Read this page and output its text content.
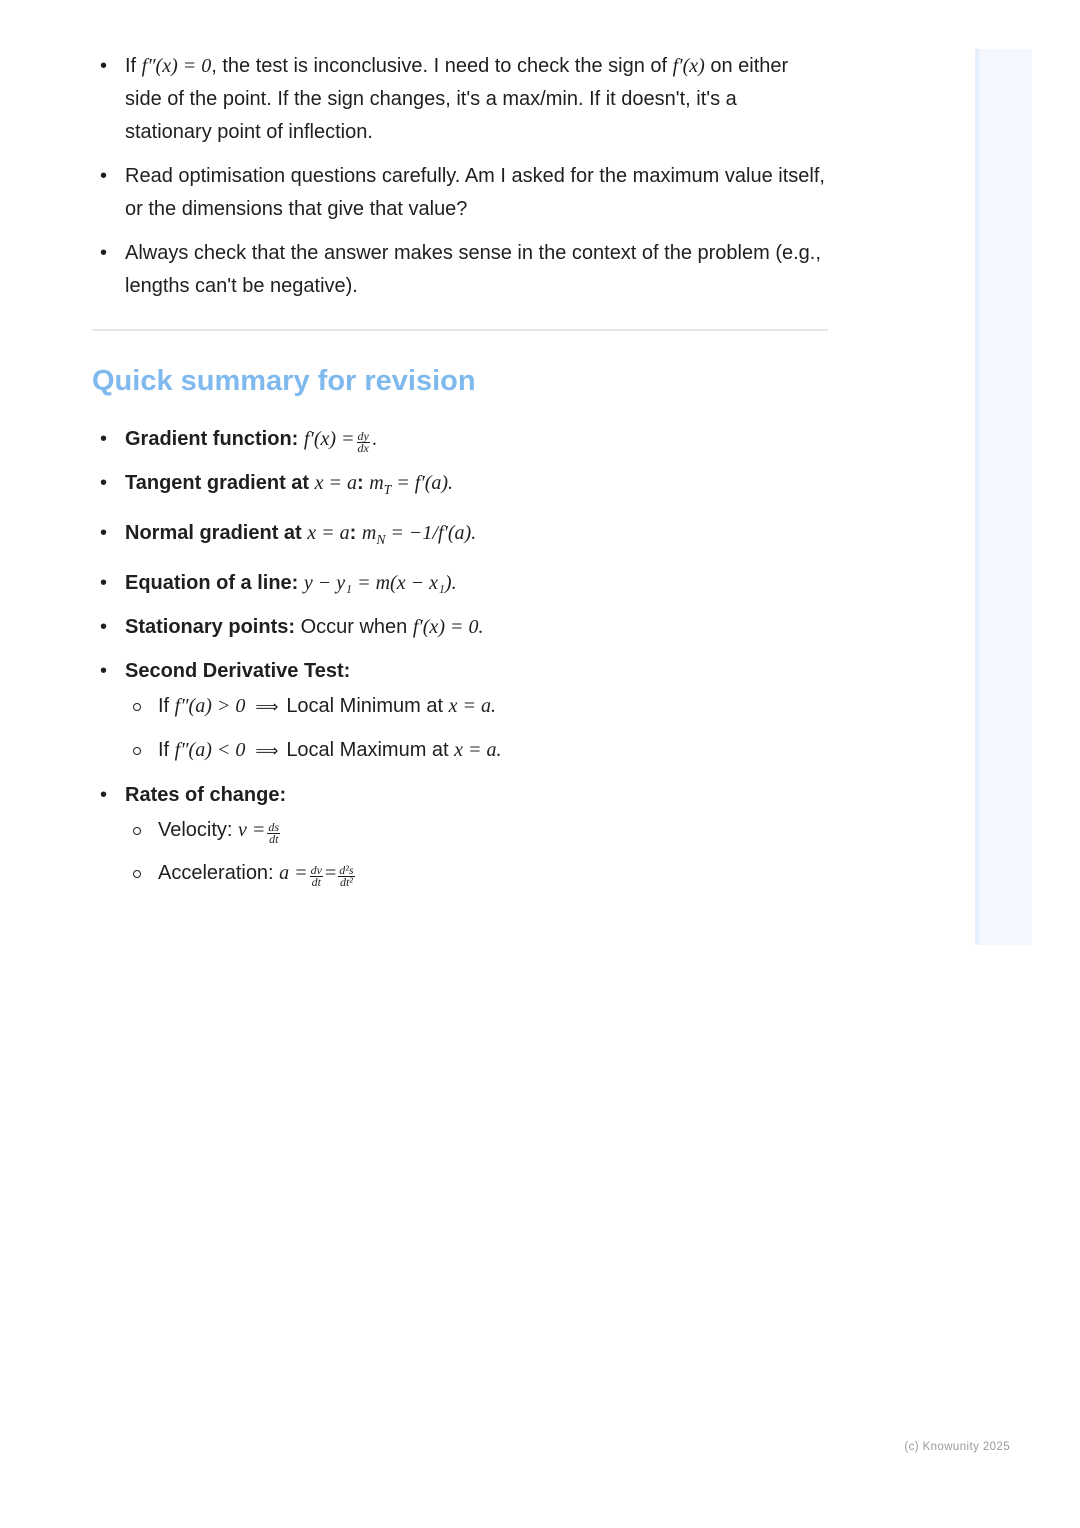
• If f″(x) = 0, the test is inconclusive. I need to check the sign of f′(x) on either side of the point. If the sign changes, it's a max/min. If it doesn't, it's a stationary point of inflection.
• Read optimisation questions carefully. Am I asked for the maximum value itself, or the dimensions that give that value?
• Always check that the answer makes sense in the context of the problem (e.g., lengths can't be negative).
Quick summary for revision
• Gradient function: $f'(x) = \frac{dy}{dx}$ .
• Tangent gradient at x = a: $m_T = f'(a)$.
• Normal gradient at x = a: $m_N = -1/f'(a)$.
• Equation of a line: y − y₁ = m(x − x₁).
• Stationary points: Occur when f′(x) = 0.
• Second Derivative Test:
If f″(a) > 0 ⟹ Local Minimum at x = a.
If f″(a) < 0 ⟹ Local Maximum at x = a.
• Rates of change:
Velocity: $v = \frac{ds}{dt}$
Acceleration: $a = \frac{dv}{dt} = \frac{\text{d²s}}{\text{dt²}}$
(c) Knowunity 2025
